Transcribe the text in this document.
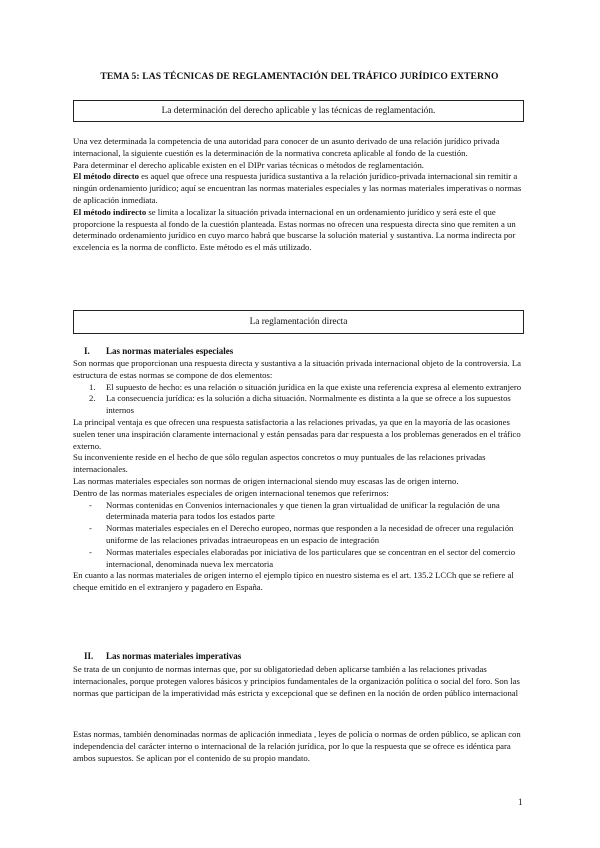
TEMA 5: LAS TÉCNICAS DE REGLAMENTACIÓN DEL TRÁFICO JURÍDICO EXTERNO
La determinación del derecho aplicable y las técnicas de reglamentación.

Una vez determinada la competencia de una autoridad para conocer de un asunto derivado de una relación jurídico privada internacional, la siguiente cuestión es la determinación de la normativa concreta aplicable al fondo de la cuestión.

Para determinar el derecho aplicable existen en el DIPr varias técnicas o métodos de reglamentación.

El método directo es aquel que ofrece una respuesta jurídica sustantiva a la relación jurídico-privada internacional sin remitir a ningún ordenamiento jurídico; aquí se encuentran las normas materiales especiales y las normas materiales imperativas o normas de aplicación inmediata.

El método indirecto se limita a localizar la situación privada internacional en un ordenamiento jurídico y será este el que proporcione la respuesta al fondo de la cuestión planteada. Estas normas no ofrecen una respuesta directa sino que remiten a un determinado ordenamiento jurídico en cuyo marco habrá que buscarse la solución material y sustantiva. La norma indirecta por excelencia es la norma de conflicto. Este método es el más utilizado.

La reglamentación directa
I. Las normas materiales especiales

Son normas que proporcionan una respuesta directa y sustantiva a la situación privada internacional objeto de la controversia. La estructura de estas normas se compone de dos elementos:

1. El supuesto de hecho: es una relación o situación jurídica en la que existe una referencia expresa al elemento extranjero
2. La consecuencia jurídica: es la solución a dicha situación. Normalmente es distinta a la que se ofrece a los supuestos internos

La principal ventaja es que ofrecen una respuesta satisfactoria a las relaciones privadas, ya que en la mayoría de las ocasiones suelen tener una inspiración claramente internacional y están pensadas para dar respuesta a los problemas generados en el tráfico externo.

Su inconveniente reside en el hecho de que sólo regulan aspectos concretos o muy puntuales de las relaciones privadas internacionales.

Las normas materiales especiales son normas de origen internacional siendo muy escasas las de origen interno.

Dentro de las normas materiales especiales de origen internacional tenemos que referirnos:

- Normas contenidas en Convenios internacionales y que tienen la gran virtualidad de unificar la regulación de una determinada materia para todos los estados parte
- Normas materiales especiales en el Derecho europeo, normas que responden a la necesidad de ofrecer una regulación uniforme de las relaciones privadas intraeuropeas en un espacio de integración
- Normas materiales especiales elaboradas por iniciativa de los particulares que se concentran en el sector del comercio internacional, denominada nueva lex mercatoria

En cuanto a las normas materiales de origen interno el ejemplo típico en nuestro sistema es el art. 135.2 LCCh que se refiere al cheque emitido en el extranjero y pagadero en España.

II. Las normas materiales imperativas

Se trata de un conjunto de normas internas que, por su obligatoriedad deben aplicarse también a las relaciones privadas internacionales, porque protegen valores básicos y principios fundamentales de la organización política o social del foro. Son las normas que participan de la imperatividad más estricta y excepcional que se definen en la noción de orden público internacional

Estas normas, también denominadas normas de aplicación inmediata , leyes de policía o normas de orden público, se aplican con independencia del carácter interno o internacional de la relación jurídica, por lo que la respuesta que se ofrece es idéntica para ambos supuestos. Se aplican por el contenido de su propio mandato.

1
